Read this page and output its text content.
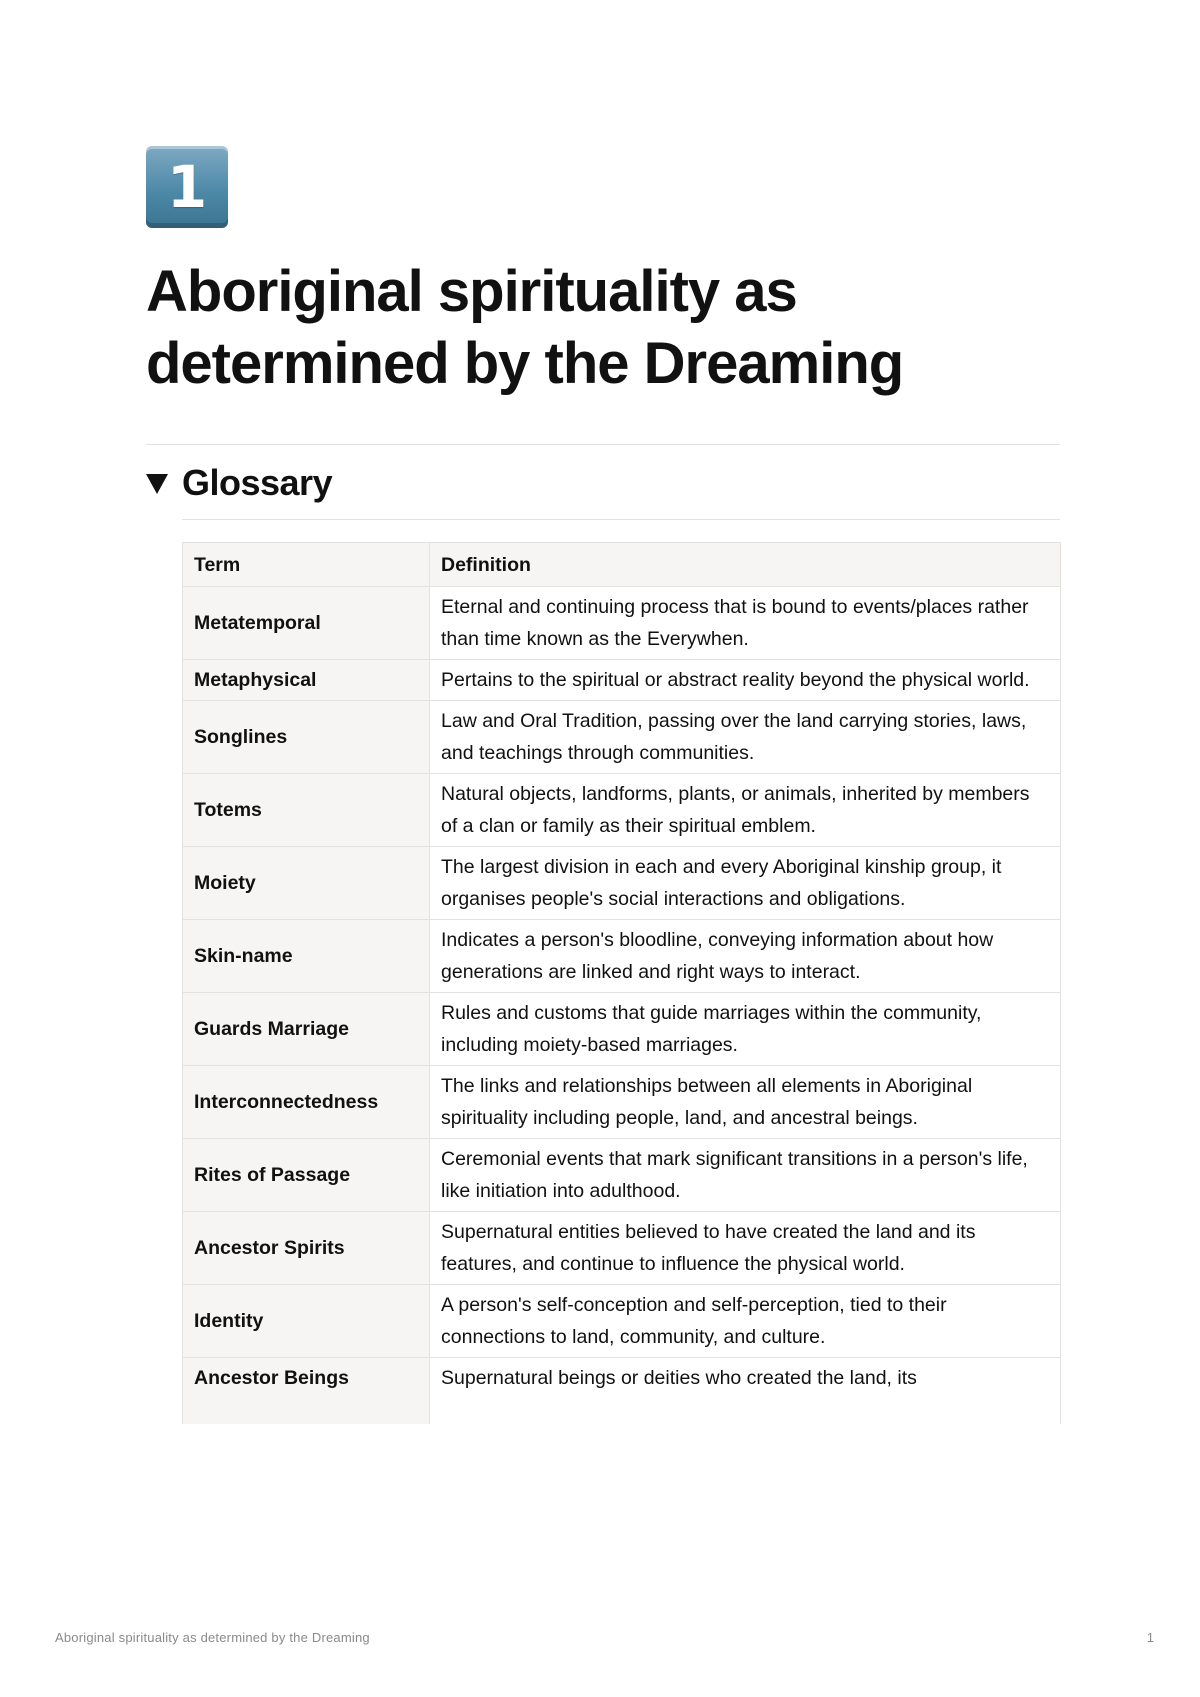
1
Aboriginal spirituality as determined by the Dreaming
Glossary
Term	Definition
Metatemporal	Eternal and continuing process that is bound to events/places rather than time known as the Everywhen.
Metaphysical	Pertains to the spiritual or abstract reality beyond the physical world.
Songlines	Law and Oral Tradition, passing over the land carrying stories, laws, and teachings through communities.
Totems	Natural objects, landforms, plants, or animals, inherited by members of a clan or family as their spiritual emblem.
Moiety	The largest division in each and every Aboriginal kinship group, it organises people's social interactions and obligations.
Skin-name	Indicates a person's bloodline, conveying information about how generations are linked and right ways to interact.
Guards Marriage	Rules and customs that guide marriages within the community, including moiety-based marriages.
Interconnectedness	The links and relationships between all elements in Aboriginal spirituality including people, land, and ancestral beings.
Rites of Passage	Ceremonial events that mark significant transitions in a person's life, like initiation into adulthood.
Ancestor Spirits	Supernatural entities believed to have created the land and its features, and continue to influence the physical world.
Identity	A person's self-conception and self-perception, tied to their connections to land, community, and culture.
Ancestor Beings	Supernatural beings or deities who created the land, its
Aboriginal spirituality as determined by the Dreaming	1
